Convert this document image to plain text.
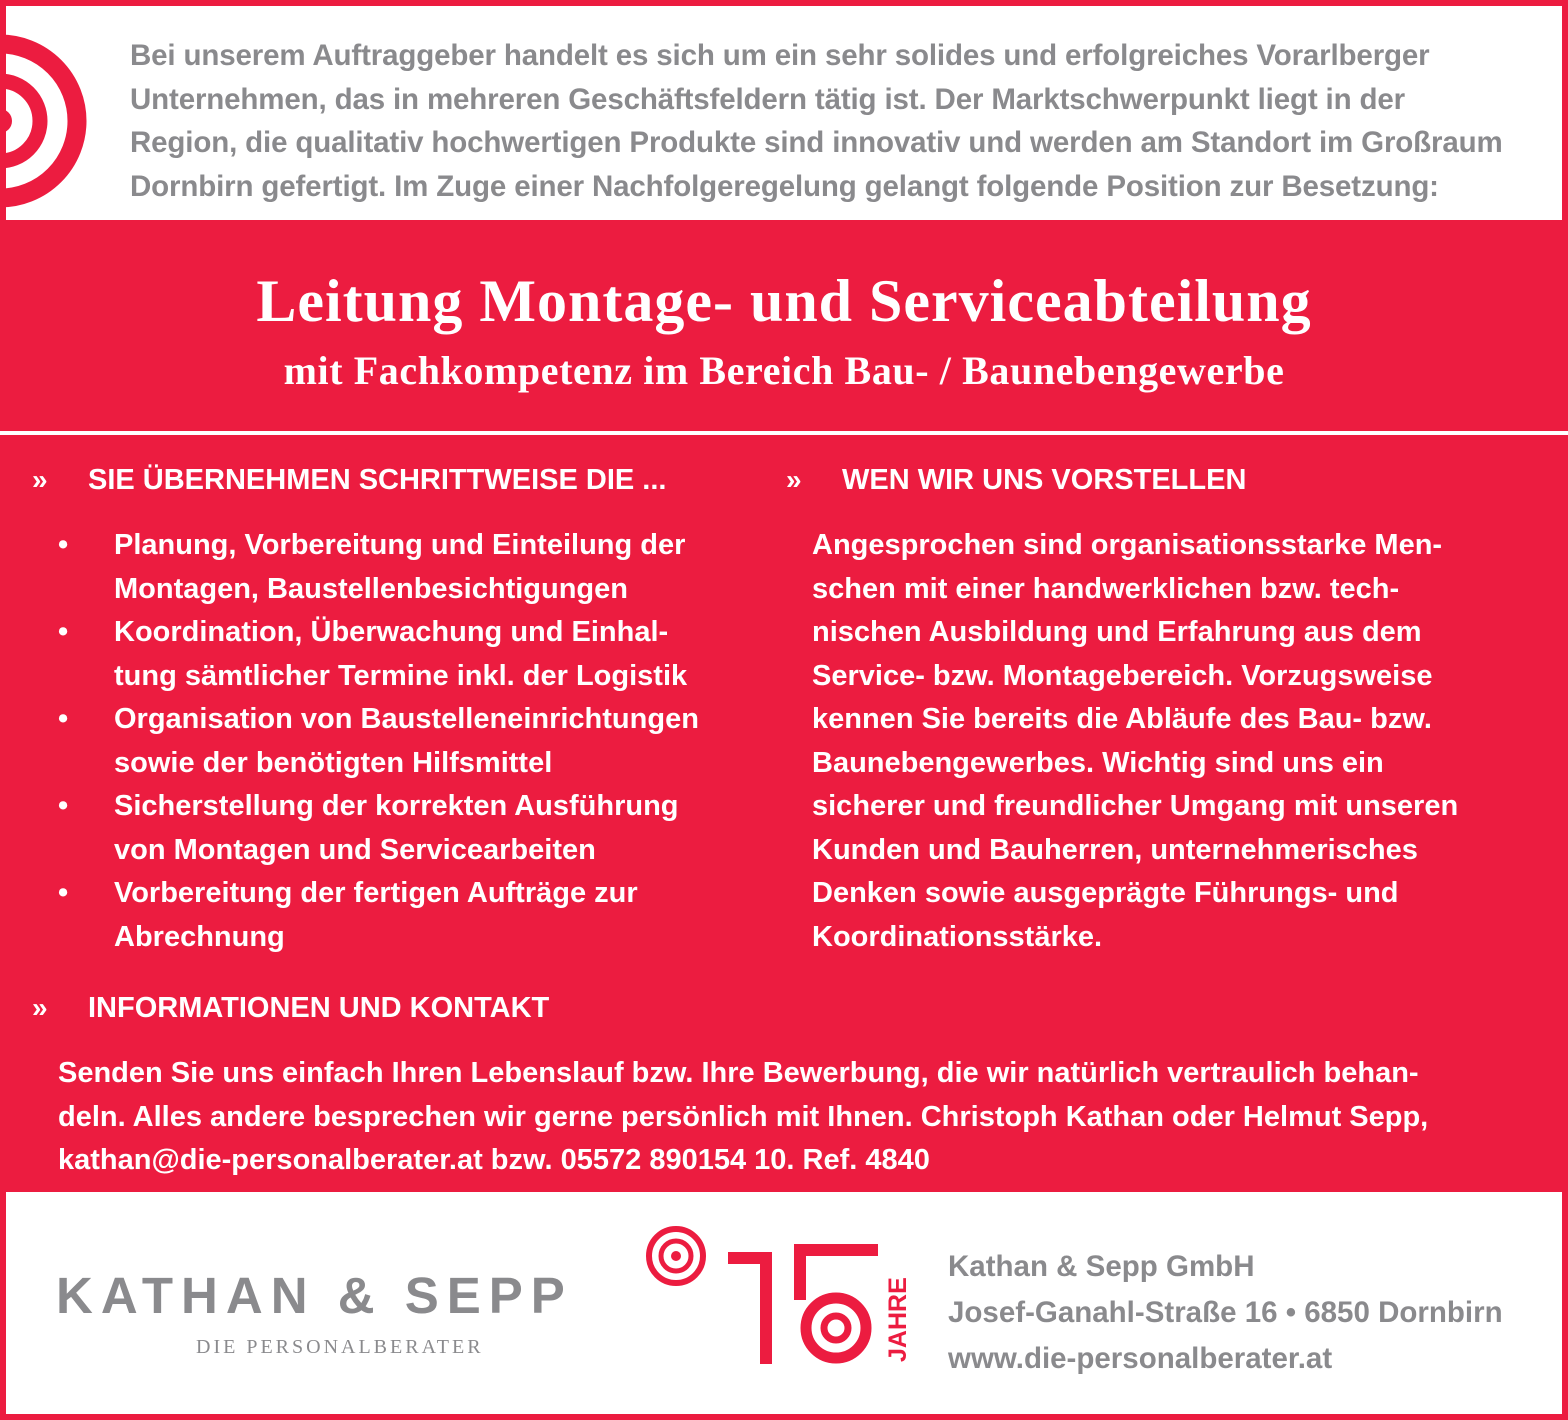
Bei unserem Auftraggeber handelt es sich um ein sehr solides und erfolgreiches Vorarlberger
Unternehmen, das in mehreren Geschäftsfeldern tätig ist. Der Marktschwerpunkt liegt in der
Region, die qualitativ hochwertigen Produkte sind innovativ und werden am Standort im Großraum
Dornbirn gefertigt. Im Zuge einer Nachfolgeregelung gelangt folgende Position zur Besetzung:

Leitung Montage- und Serviceabteilung
mit Fachkompetenz im Bereich Bau- / Baunebengewerbe
» SIE ÜBERNEHMEN SCHRITTWEISE DIE ...	» WEN WIR UNS VORSTELLEN
• Planung, Vorbereitung und Einteilung der
Montagen, Baustellenbesichtigungen
• Koordination, Überwachung und Einhal-
tung sämtlicher Termine inkl. der Logistik
• Organisation von Baustelleneinrichtungen
sowie der benötigten Hilfsmittel
• Sicherstellung der korrekten Ausführung
von Montagen und Servicearbeiten
• Vorbereitung der fertigen Aufträge zur
Abrechnung

Angesprochen sind organisationsstarke Men-
schen mit einer handwerklichen bzw. tech-
nischen Ausbildung und Erfahrung aus dem
Service- bzw. Montagebereich. Vorzugsweise
kennen Sie bereits die Abläufe des Bau- bzw.
Baunebengewerbes. Wichtig sind uns ein
sicherer und freundlicher Umgang mit unseren
Kunden und Bauherren, unternehmerisches
Denken sowie ausgeprägte Führungs- und
Koordinationsstärke.

» INFORMATIONEN UND KONTAKT

Senden Sie uns einfach Ihren Lebenslauf bzw. Ihre Bewerbung, die wir natürlich vertraulich behan-
deln. Alles andere besprechen wir gerne persönlich mit Ihnen. Christoph Kathan oder Helmut Sepp,
kathan@die-personalberater.at bzw. 05572 890154 10. Ref. 4840

KATHAN & SEPP
DIE PERSONALBERATER
15
JAHRE
Kathan & Sepp GmbH
Josef-Ganahl-Straße 16 • 6850 Dornbirn
www.die-personalberater.at
